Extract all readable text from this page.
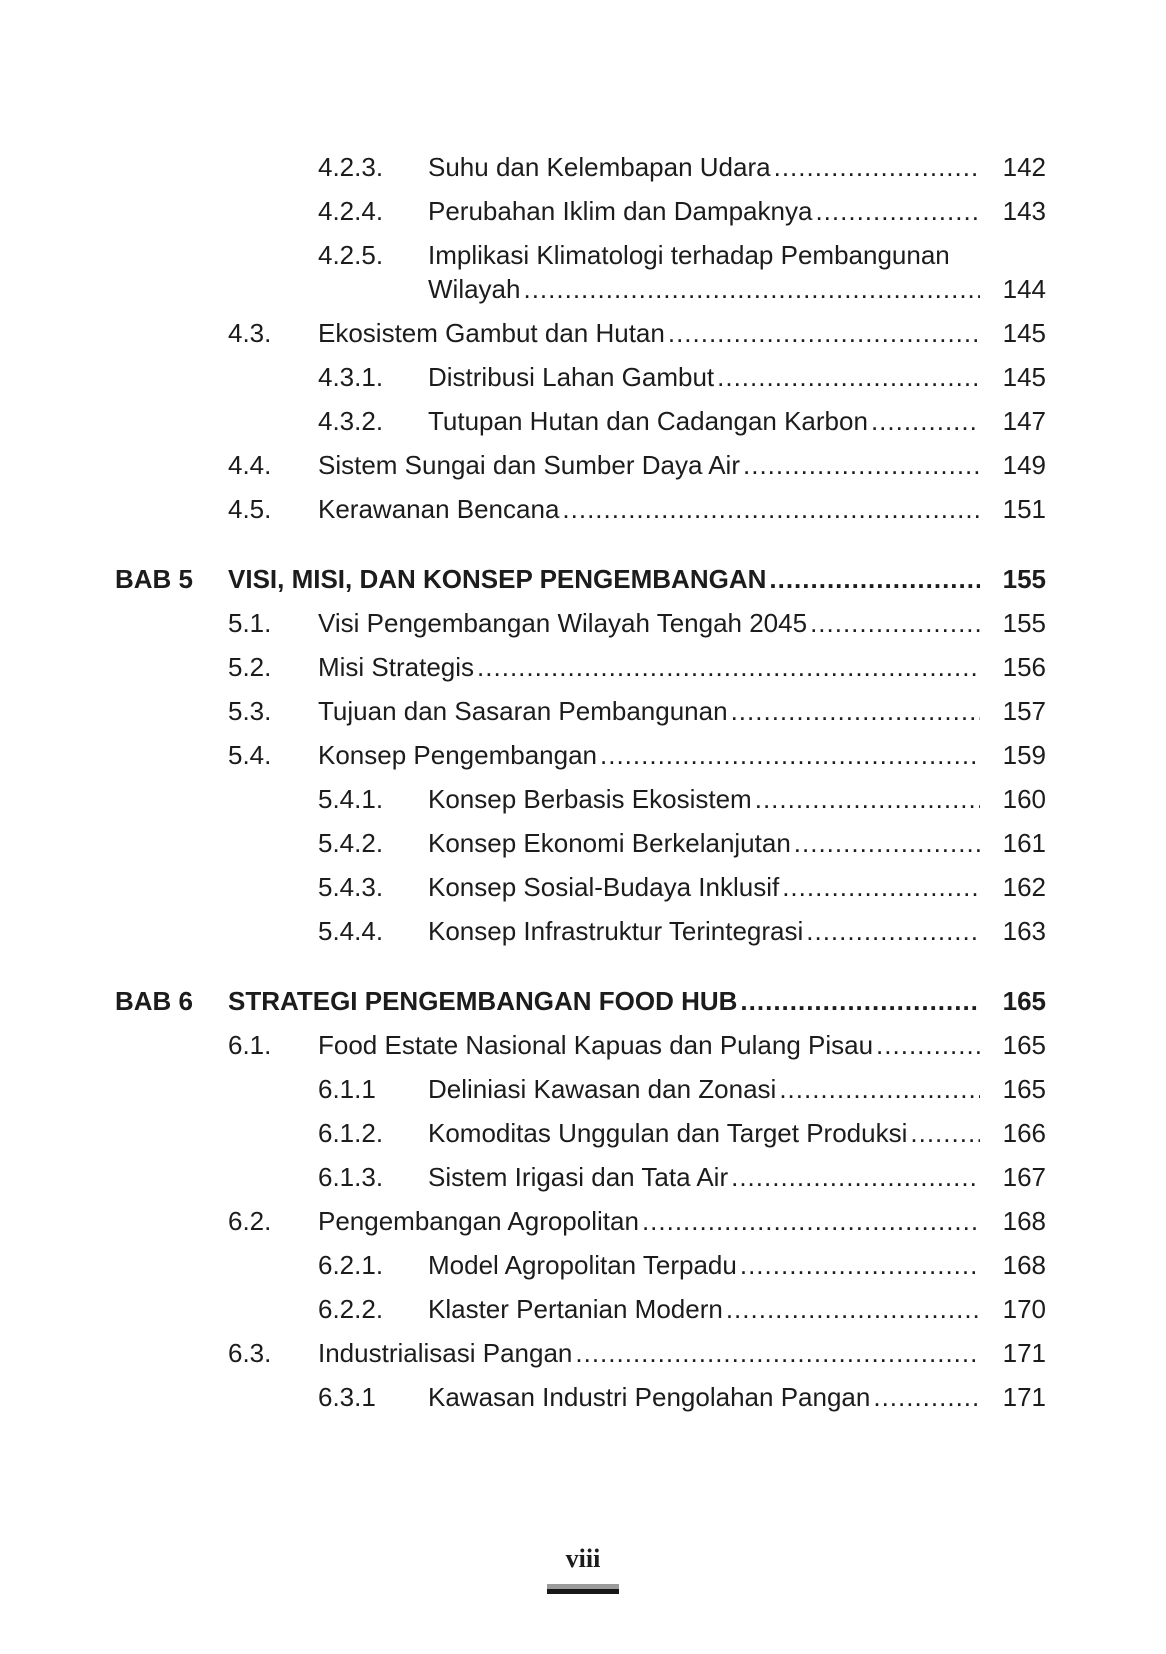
4.2.3.	Suhu dan Kelembapan Udara .....	142
4.2.4.	Perubahan Iklim dan Dampaknya .....	143
4.2.5.	Implikasi Klimatologi terhadap Pembangunan
Wilayah .....	144
4.3.	Ekosistem Gambut dan Hutan .....	145
4.3.1.	Distribusi Lahan Gambut .....	145
4.3.2.	Tutupan Hutan dan Cadangan Karbon .....	147
4.4.	Sistem Sungai dan Sumber Daya Air .....	149
4.5.	Kerawanan Bencana .....	151
BAB 5	VISI, MISI, DAN KONSEP PENGEMBANGAN .....	155
5.1.	Visi Pengembangan Wilayah Tengah 2045 .....	155
5.2.	Misi Strategis .....	156
5.3.	Tujuan dan Sasaran Pembangunan .....	157
5.4.	Konsep Pengembangan .....	159
5.4.1.	Konsep Berbasis Ekosistem .....	160
5.4.2.	Konsep Ekonomi Berkelanjutan .....	161
5.4.3.	Konsep Sosial-Budaya Inklusif .....	162
5.4.4.	Konsep Infrastruktur Terintegrasi .....	163
BAB 6	STRATEGI PENGEMBANGAN FOOD HUB .....	165
6.1.	Food Estate Nasional Kapuas dan Pulang Pisau .....	165
6.1.1	Deliniasi Kawasan dan Zonasi .....	165
6.1.2.	Komoditas Unggulan dan Target Produksi .....	166
6.1.3.	Sistem Irigasi dan Tata Air .....	167
6.2.	Pengembangan Agropolitan .....	168
6.2.1.	Model Agropolitan Terpadu .....	168
6.2.2.	Klaster Pertanian Modern .....	170
6.3.	Industrialisasi Pangan .....	171
6.3.1	Kawasan Industri Pengolahan Pangan .....	171
viii
